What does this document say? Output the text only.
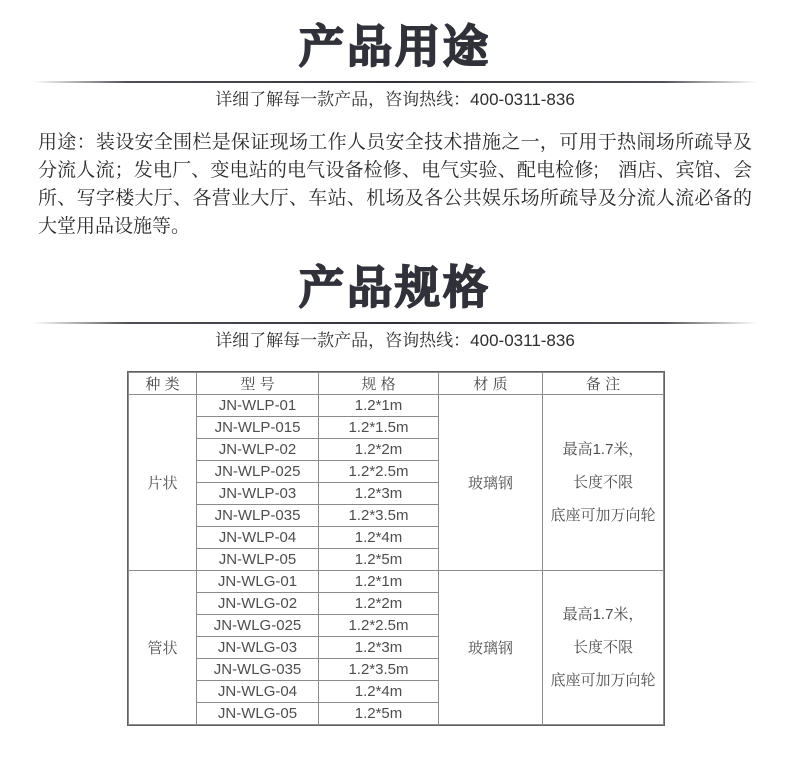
产品用途
详细了解每一款产品，咨询热线：400-0311-836

用途：装设安全围栏是保证现场工作人员安全技术措施之一，可用于热闹场所疏导及分流人流；发电厂、变电站的电气设备检修、电气实验、配电检修;　酒店、宾馆、会所、写字楼大厅、各营业大厅、车站、机场及各公共娱乐场所疏导及分流人流必备的大堂用品设施等。

产品规格
详细了解每一款产品，咨询热线：400-0311-836
种 类	型 号	规 格	材 质	备 注
片状	JN-WLP-01	1.2*1m	玻璃钢	最高1.7米，
长度不限
底座可加万向轮

	JN-WLP-015	1.2*1.5m		
	JN-WLP-02	1.2*2m		
	JN-WLP-025	1.2*2.5m		
	JN-WLP-03	1.2*3m		
	JN-WLP-035	1.2*3.5m		
	JN-WLP-04	1.2*4m		
	JN-WLP-05	1.2*5m		
管状	JN-WLG-01	1.2*1m	玻璃钢	最高1.7米，
长度不限
底座可加万向轮

	JN-WLG-02	1.2*2m		
	JN-WLG-025	1.2*2.5m		
	JN-WLG-03	1.2*3m		
	JN-WLG-035	1.2*3.5m		
	JN-WLG-04	1.2*4m		
	JN-WLG-05	1.2*5m		
